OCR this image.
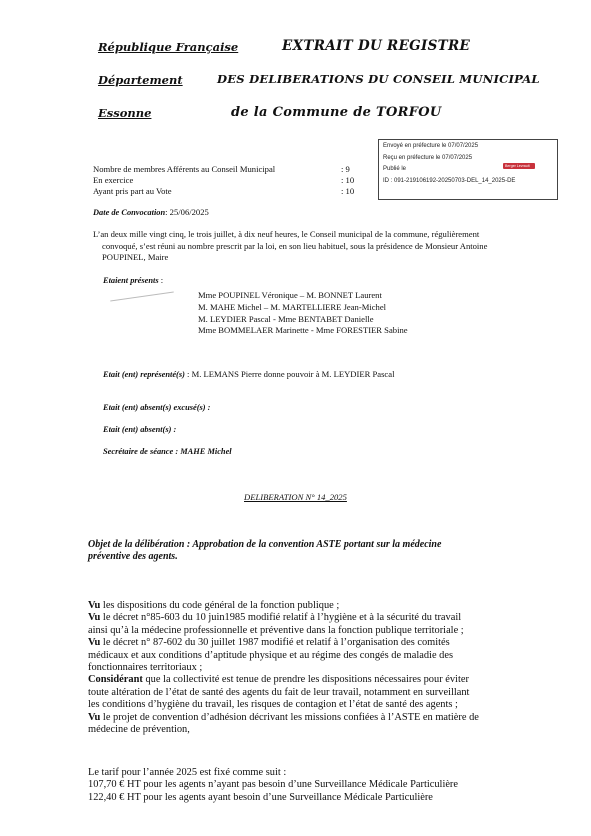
République Française
Département
Essonne
EXTRAIT DU REGISTRE
DES DELIBERATIONS DU CONSEIL MUNICIPAL
de la Commune de TORFOU
Envoyé en préfecture le 07/07/2025
Reçu en préfecture le 07/07/2025
Publié le
ID : 091-219106192-20250703-DEL_14_2025-DE
Berger Levrault
Nombre de membres Afférents au Conseil Municipal
En exercice
Ayant pris part au Vote
: 9
: 10
: 10
Date de Convocation: 25/06/2025
L’an deux mille vingt cinq, le trois juillet, à dix neuf heures, le Conseil municipal de la commune, régulièrement
convoqué, s’est réuni au nombre prescrit par la loi, en son lieu habituel, sous la présidence de Monsieur Antoine
POUPINEL, Maire
Etaient présents :
Mme POUPINEL Véronique – M. BONNET Laurent
M. MAHE Michel – M. MARTELLIERE Jean-Michel
M. LEYDIER Pascal - Mme BENTABET Danielle
Mme BOMMELAER Marinette - Mme FORESTIER Sabine
Etait (ent) représenté(s) : M. LEMANS Pierre donne pouvoir à M. LEYDIER Pascal
Etait (ent) absent(s) excusé(s) :
Etait (ent) absent(s) :
Secrétaire de séance : MAHE Michel
DELIBERATION N° 14_2025
Objet de la délibération : Approbation de la convention ASTE portant sur la médecine
préventive des agents.
Vu les dispositions du code général de la fonction publique ;
Vu le décret n°85-603 du 10 juin1985 modifié relatif à l’hygiène et à la sécurité du travail
ainsi qu’à la médecine professionnelle et préventive dans la fonction publique territoriale ;
Vu le décret n° 87-602 du 30 juillet 1987 modifié et relatif à l’organisation des comités
médicaux et aux conditions d’aptitude physique et au régime des congés de maladie des
fonctionnaires territoriaux ;
Considérant que la collectivité est tenue de prendre les dispositions nécessaires pour éviter
toute altération de l’état de santé des agents du fait de leur travail, notamment en surveillant
les conditions d’hygiène du travail, les risques de contagion et l’état de santé des agents ;
Vu le projet de convention d’adhésion décrivant les missions confiées à l’ASTE en matière de
médecine de prévention,
Le tarif pour l’année 2025 est fixé comme suit :
107,70 € HT pour les agents n’ayant pas besoin d’une Surveillance Médicale Particulière
122,40 € HT pour les agents ayant besoin d’une Surveillance Médicale Particulière
